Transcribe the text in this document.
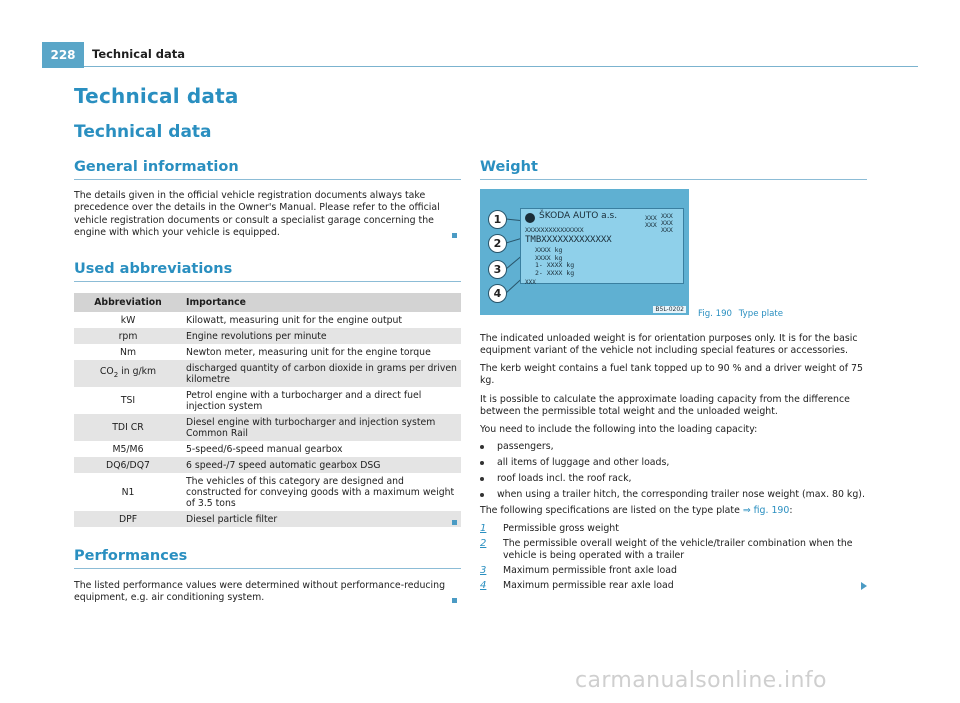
228	Technical data
Technical data
Technical data
General information
The details given in the official vehicle registration documents always take precedence over the details in the Owner's Manual. Please refer to the official vehicle registration documents or consult a specialist garage concerning the engine with which your vehicle is equipped.
Used abbreviations
Abbreviation	Importance
kW	Kilowatt, measuring unit for the engine output
rpm	Engine revolutions per minute
Nm	Newton meter, measuring unit for the engine torque
$CO_2$ in g/km	discharged quantity of carbon dioxide in grams per driven kilometre
TSI	Petrol engine with a turbocharger and a direct fuel injection system
TDI CR	Diesel engine with turbocharger and injection system Common Rail
M5/M6	5-speed/6-speed manual gearbox
DQ6/DQ7	6 speed-/7 speed automatic gearbox DSG
N1	The vehicles of this category are designed and constructed for conveying goods with a maximum weight of 3.5 tons
DPF	Diesel particle filter
Performances
The listed performance values were determined without performance-reducing equipment, e.g. air conditioning system.
Weight
ŠKODA AUTO a.s.
XXXXXXXXXXXXXXX
TMBXXXXXXXXXXXXX
XXXX kg
XXXX kg
1- XXXX kg
2- XXXX kg
XXX
XXX
XXX
XXX
XXX
XXX
1
2
3
4
B5L-0202 Fig. 190 Type plate
The indicated unloaded weight is for orientation purposes only. It is for the basic equipment variant of the vehicle not including special features or accessories.
The kerb weight contains a fuel tank topped up to 90 % and a driver weight of 75 kg.
It is possible to calculate the approximate loading capacity from the difference between the permissible total weight and the unloaded weight.
You need to include the following into the loading capacity:
passengers,
all items of luggage and other loads,
roof loads incl. the roof rack,
when using a trailer hitch, the corresponding trailer nose weight (max. 80 kg).
The following specifications are listed on the type plate ⇒ fig. 190:
1	Permissible gross weight
2	The permissible overall weight of the vehicle/trailer combination when the vehicle is being operated with a trailer
3	Maximum permissible front axle load
4	Maximum permissible rear axle load
carmanualsonline.info
